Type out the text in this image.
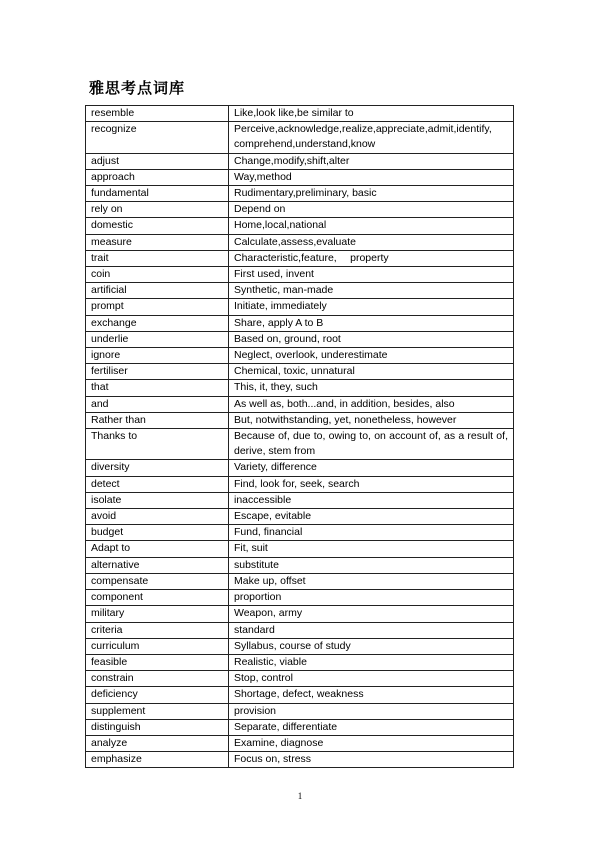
雅思考点词库
resemble	Like,look like,be similar to
recognize	Perceive,acknowledge,realize,appreciate,admit,identify, comprehend,understand,know
adjust	Change,modify,shift,alter
approach	Way,method
fundamental	Rudimentary,preliminary, basic
rely on	Depend on
domestic	Home,local,national
measure	Calculate,assess,evaluate
trait	Characteristic,feature,  property
coin	First used, invent
artificial	Synthetic, man-made
prompt	Initiate, immediately
exchange	Share, apply A to B
underlie	Based on, ground, root
ignore	Neglect, overlook, underestimate
fertiliser	Chemical, toxic, unnatural
that	This, it, they, such
and	As well as, both...and, in addition, besides, also
Rather than	But, notwithstanding, yet, nonetheless, however
Thanks to	Because of, due to, owing to, on account of, as a result of, derive, stem from
diversity	Variety, difference
detect	Find, look for, seek, search
isolate	inaccessible
avoid	Escape, evitable
budget	Fund, financial
Adapt to	Fit, suit
alternative	substitute
compensate	Make up, offset
component	proportion
military	Weapon, army
criteria	standard
curriculum	Syllabus, course of study
feasible	Realistic, viable
constrain	Stop, control
deficiency	Shortage, defect, weakness
supplement	provision
distinguish	Separate, differentiate
analyze	Examine, diagnose
emphasize	Focus on, stress
1
